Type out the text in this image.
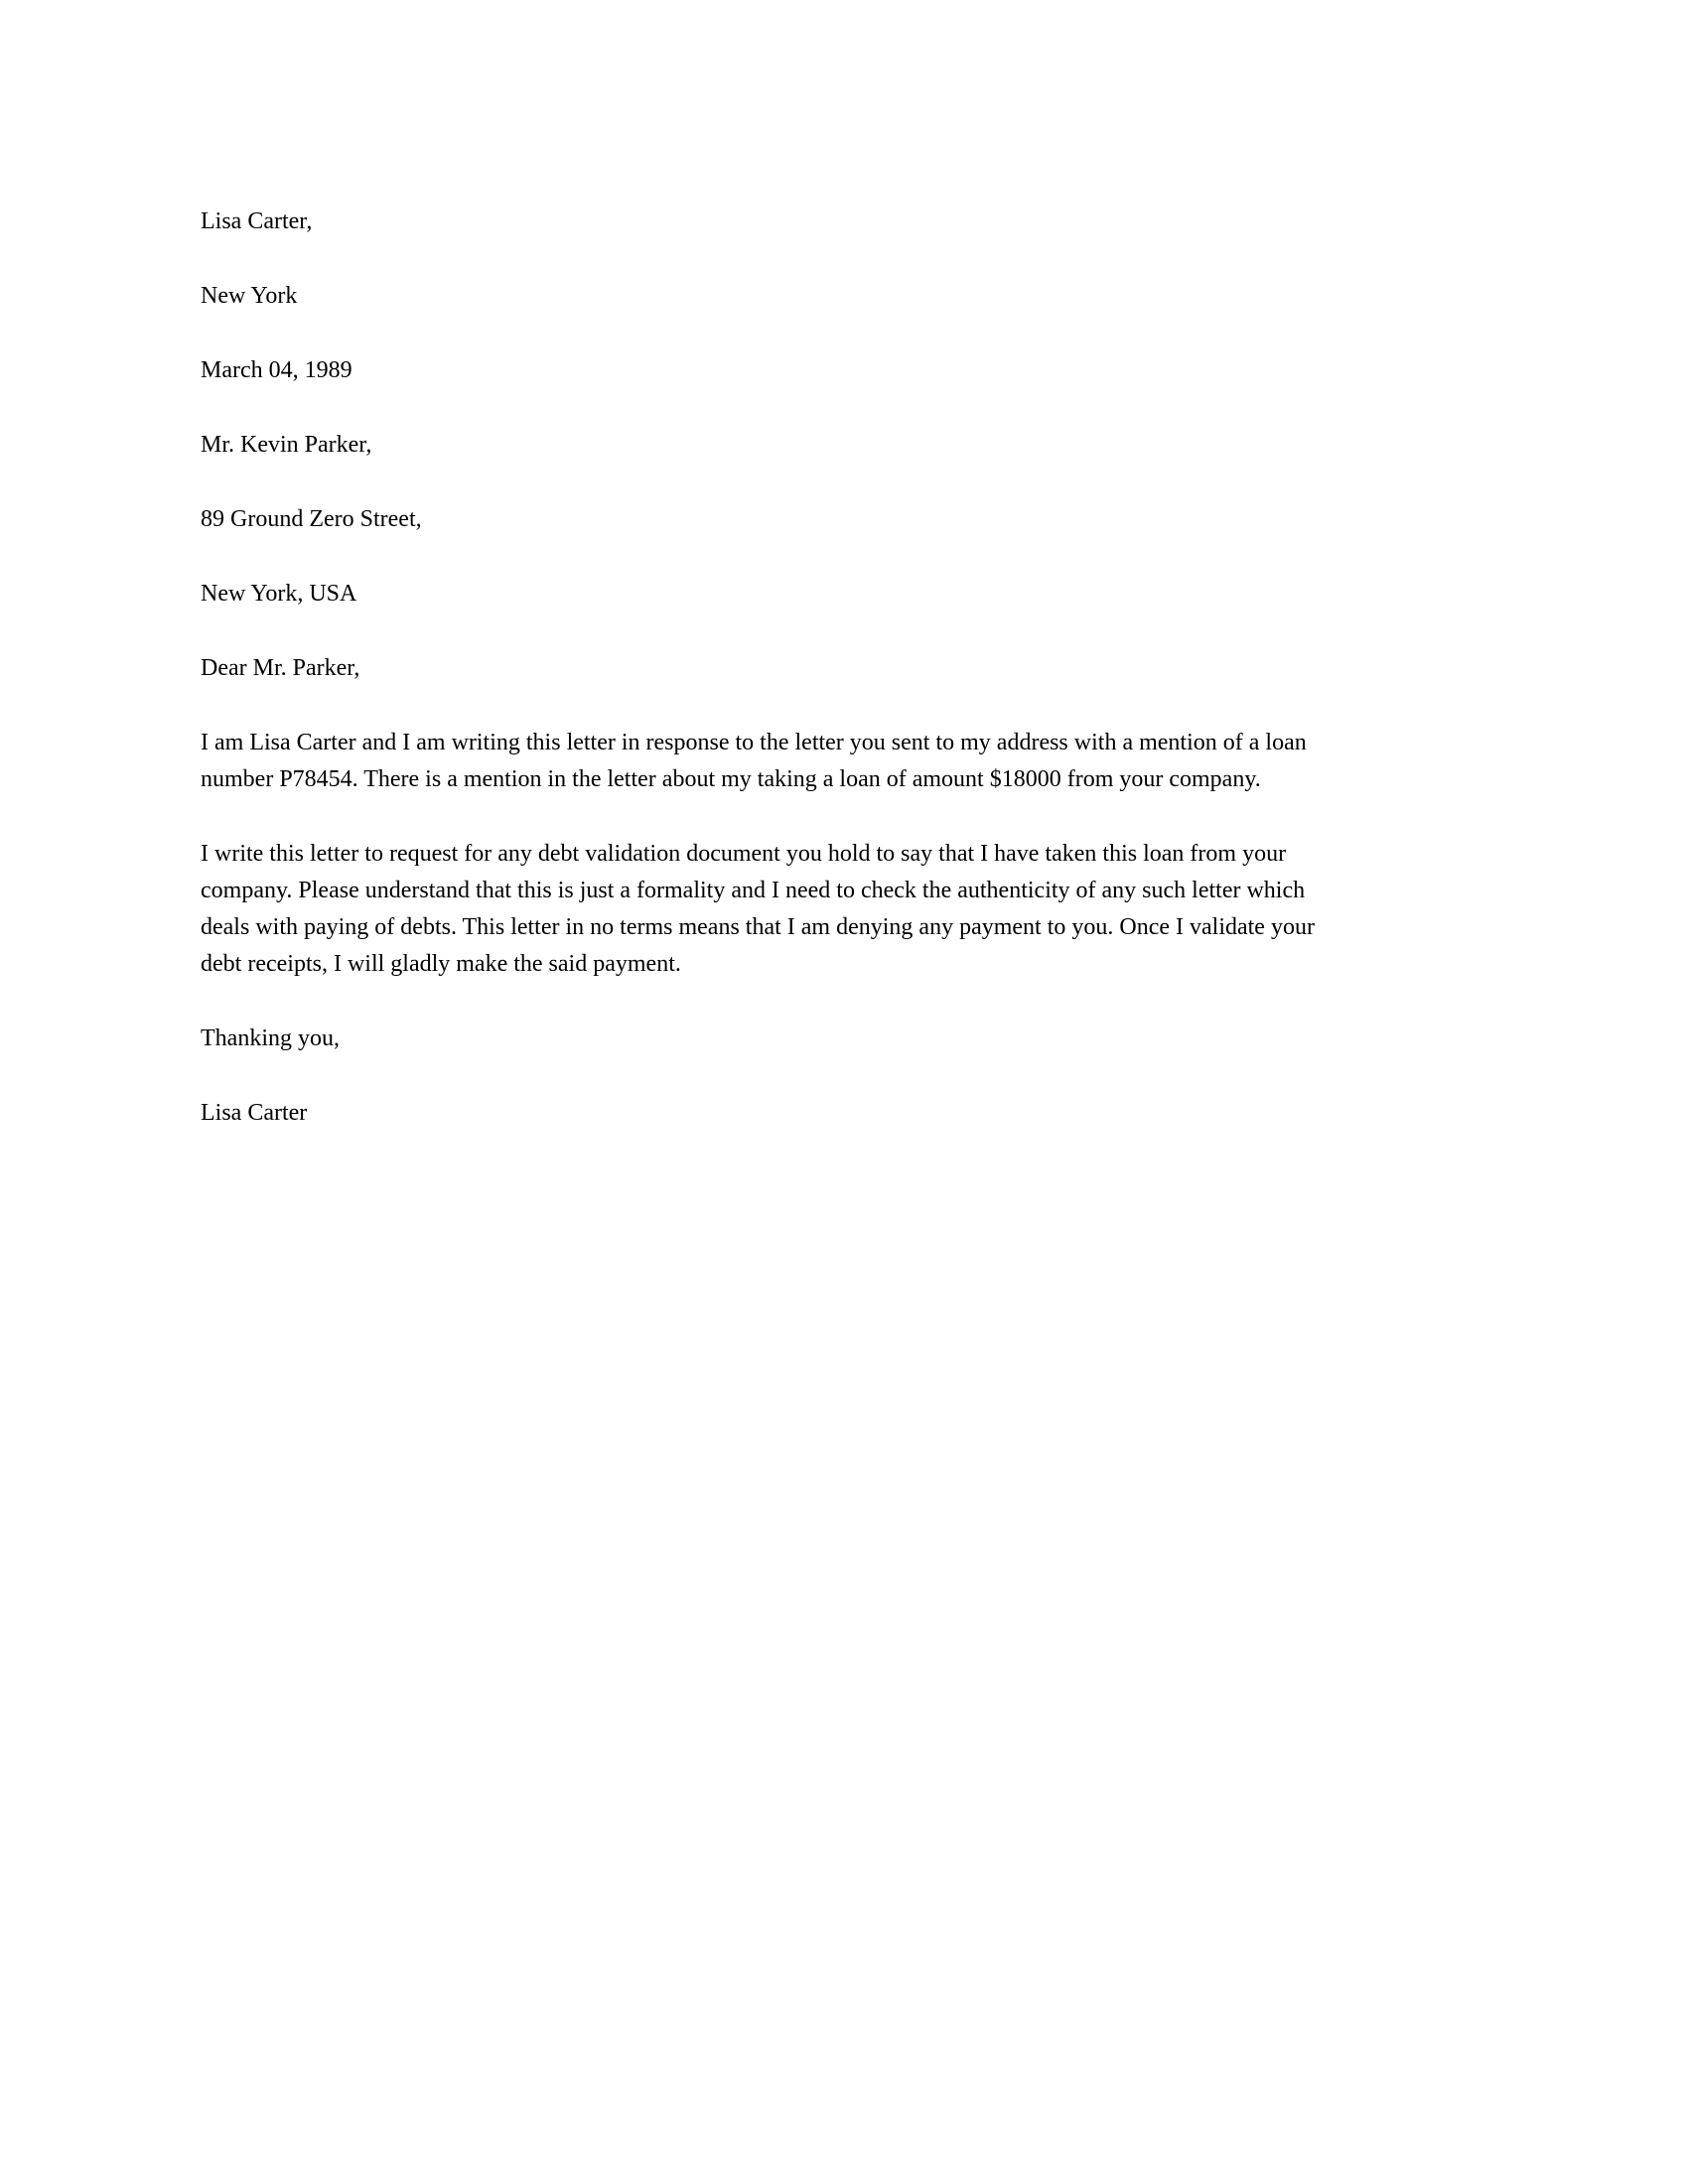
Lisa Carter,

New York

March 04, 1989

Mr. Kevin Parker,

89 Ground Zero Street,

New York, USA

Dear Mr. Parker,

I am Lisa Carter and I am writing this letter in response to the letter you sent to my address with a mention of a loan number P78454. There is a mention in the letter about my taking a loan of amount $18000 from your company.

I write this letter to request for any debt validation document you hold to say that I have taken this loan from your company. Please understand that this is just a formality and I need to check the authenticity of any such letter which deals with paying of debts. This letter in no terms means that I am denying any payment to you. Once I validate your debt receipts, I will gladly make the said payment.

Thanking you,

Lisa Carter
